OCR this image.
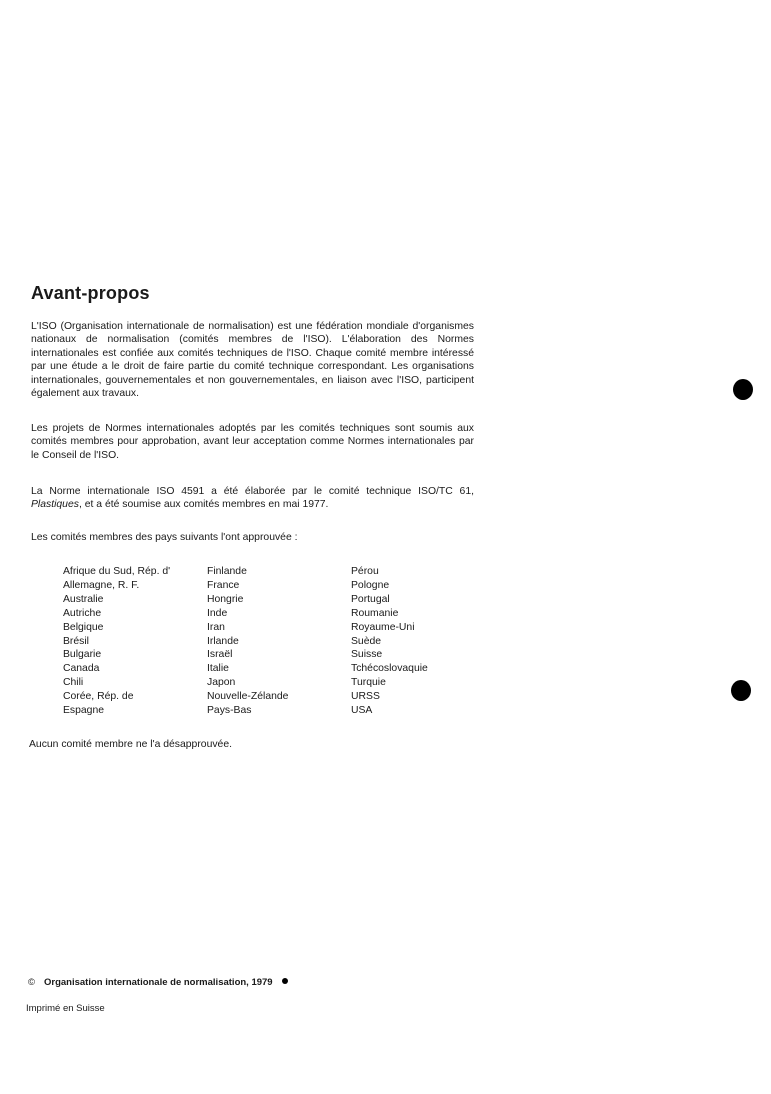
Avant-propos

L'ISO (Organisation internationale de normalisation) est une fédération mondiale d'organismes nationaux de normalisation (comités membres de l'ISO). L'élaboration des Normes internationales est confiée aux comités techniques de l'ISO. Chaque comité membre intéressé par une étude a le droit de faire partie du comité technique correspondant. Les organisations internationales, gouvernementales et non gouvernementales, en liaison avec l'ISO, participent également aux travaux.

Les projets de Normes internationales adoptés par les comités techniques sont soumis aux comités membres pour approbation, avant leur acceptation comme Normes internationales par le Conseil de l'ISO.

La Norme internationale ISO 4591 a été élaborée par le comité technique ISO/TC 61, Plastiques, et a été soumise aux comités membres en mai 1977.

Les comités membres des pays suivants l'ont approuvée :

Afrique du Sud, Rép. d'
Allemagne, R. F.
Australie
Autriche
Belgique
Brésil
Bulgarie
Canada
Chili
Corée, Rép. de
Espagne
Finlande
France
Hongrie
Inde
Iran
Irlande
Israël
Italie
Japon
Nouvelle-Zélande
Pays-Bas
Pérou
Pologne
Portugal
Roumanie
Royaume-Uni
Suède
Suisse
Tchécoslovaquie
Turquie
URSS
USA

Aucun comité membre ne l'a désapprouvée.

© Organisation internationale de normalisation, 1979

Imprimé en Suisse
